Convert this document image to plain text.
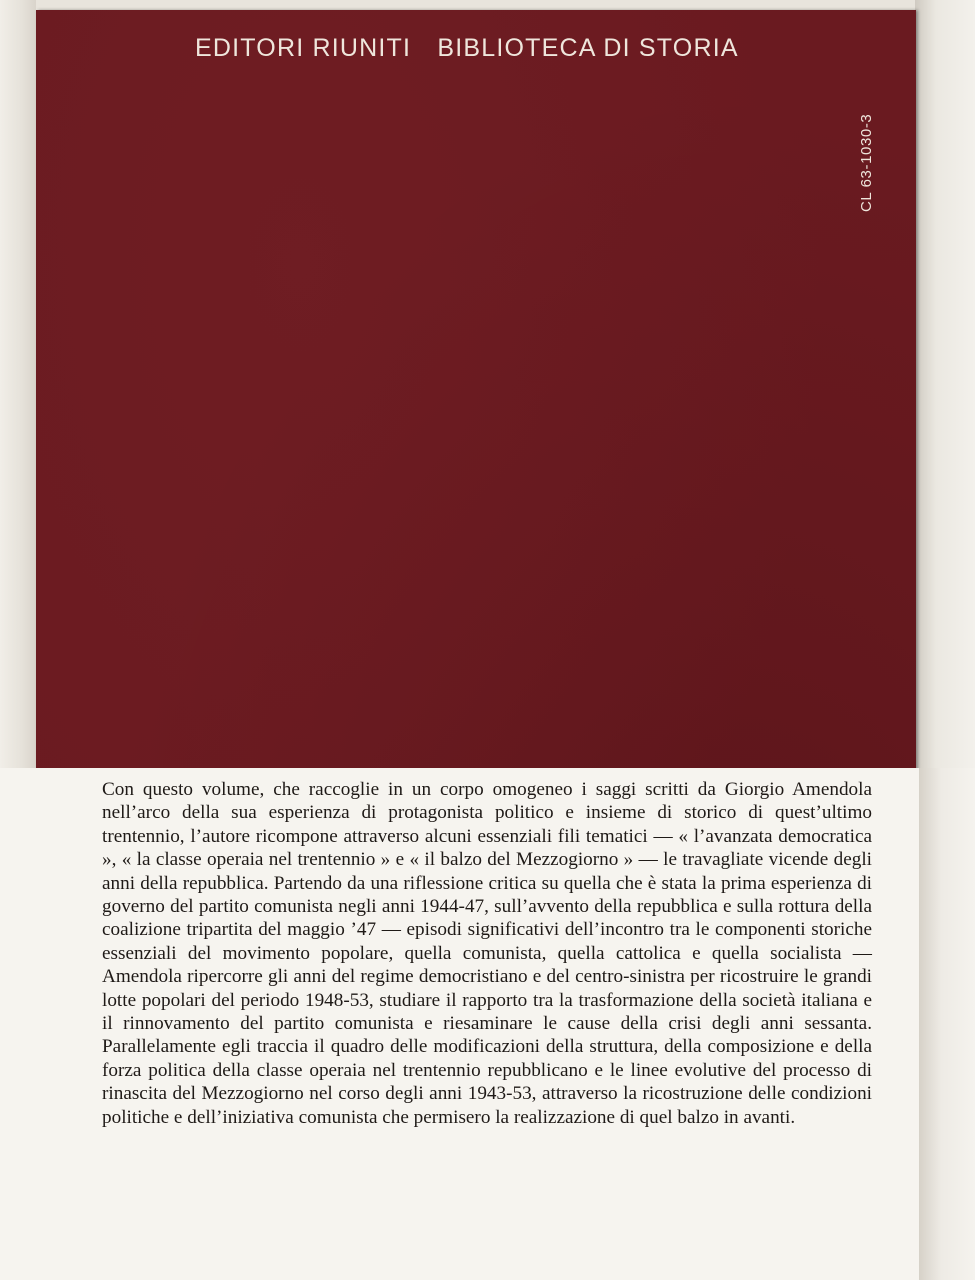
EDITORI RIUNITI BIBLIOTECA DI STORIA
CL 63-1030-3

Con questo volume, che raccoglie in un corpo omogeneo i saggi scritti da Giorgio Amendola nell’arco della sua esperienza di protagonista politico e insieme di storico di quest’ultimo trentennio, l’autore ricompone attraverso alcuni essenziali fili tematici — « l’avanzata democratica », « la classe operaia nel trentennio » e « il balzo del Mezzogiorno » — le travagliate vicende degli anni della repubblica. Partendo da una riflessione critica su quella che è stata la prima esperienza di governo del partito comunista negli anni 1944-47, sull’avvento della repubblica e sulla rottura della coalizione tripartita del maggio ’47 — episodi significativi dell’incontro tra le componenti storiche essenziali del movimento popolare, quella comunista, quella cattolica e quella socialista — Amendola ripercorre gli anni del regime democristiano e del centro-sinistra per ricostruire le grandi lotte popolari del periodo 1948-53, studiare il rapporto tra la trasformazione della società italiana e il rinnovamento del partito comunista e riesaminare le cause della crisi degli anni sessanta. Parallelamente egli traccia il quadro delle modificazioni della struttura, della composizione e della forza politica della classe operaia nel trentennio repubblicano e le linee evolutive del processo di rinascita del Mezzogiorno nel corso degli anni 1943-53, attraverso la ricostruzione delle condizioni politiche e dell’iniziativa comunista che permisero la realizzazione di quel balzo in avanti.
